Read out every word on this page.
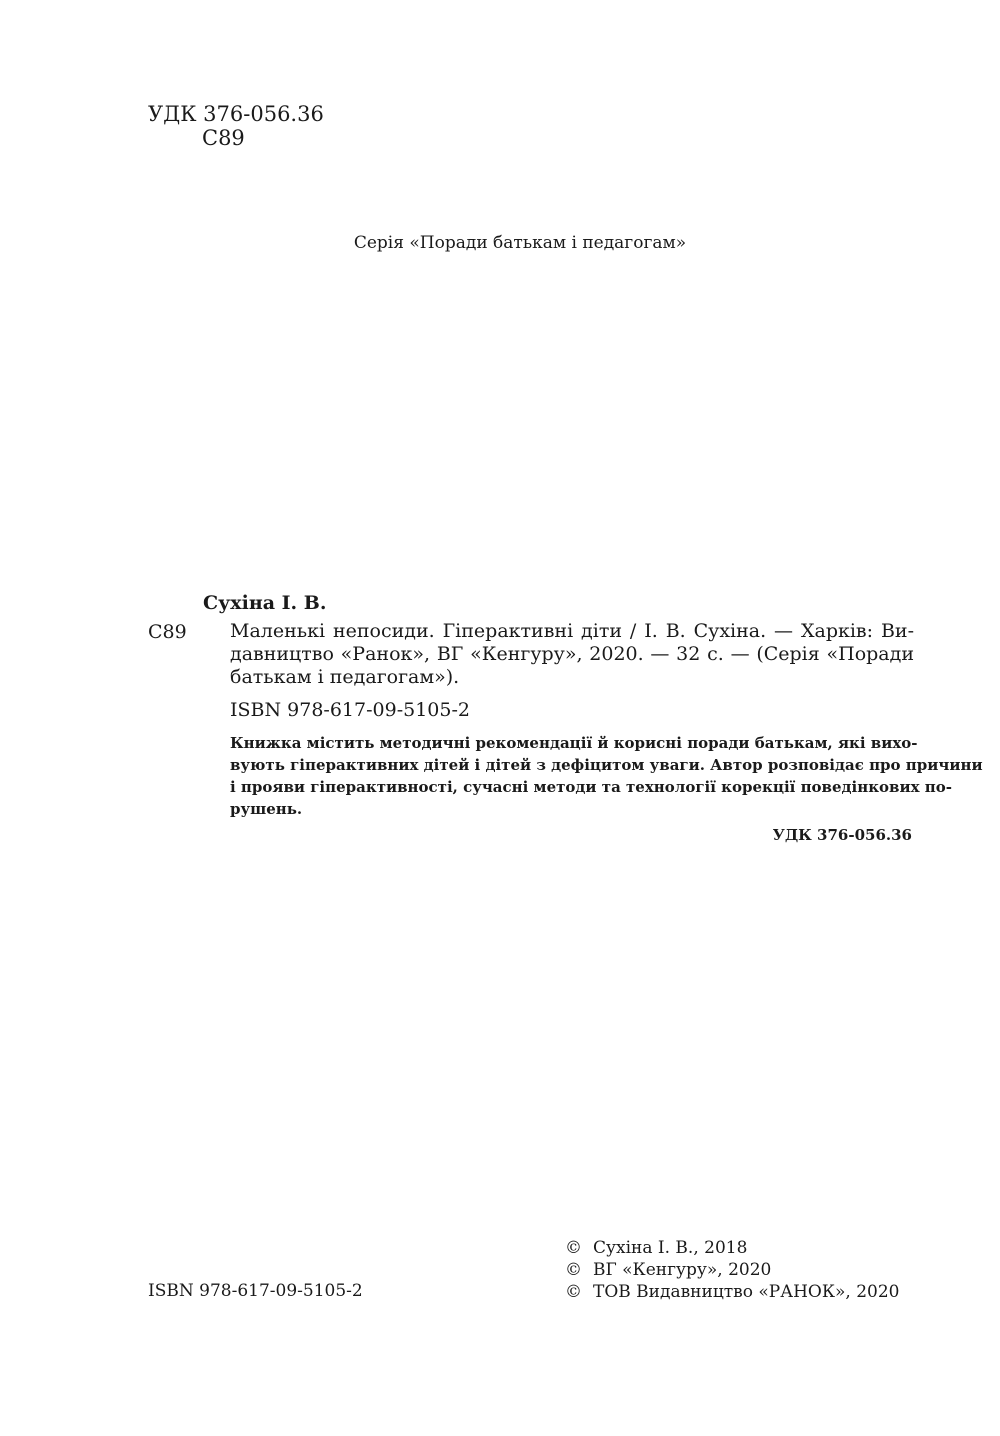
УДК 376-056.36
С89
Серія «Поради батькам і педагогам»
Сухіна І. В.
С89 Маленькі непосиди. Гіперактивні діти / І. В. Сухіна. — Харків: Ви-
давництво «Ранок», ВГ «Кенгуру», 2020. — 32 с. — (Серія «Поради
батькам і педагогам»).
ISBN 978-617-09-5105-2
Книжка містить методичні рекомендації й корисні поради батькам, які вихо-
вують гіперактивних дітей і дітей з дефіцитом уваги. Автор розповідає про причини
і прояви гіперактивності, сучасні методи та технології корекції поведінкових по-
рушень.
УДК 376-056.36
ISBN 978-617-09-5105-2
© Сухіна І. В., 2018
© ВГ «Кенгуру», 2020
© ТОВ Видавництво «РАНОК», 2020
